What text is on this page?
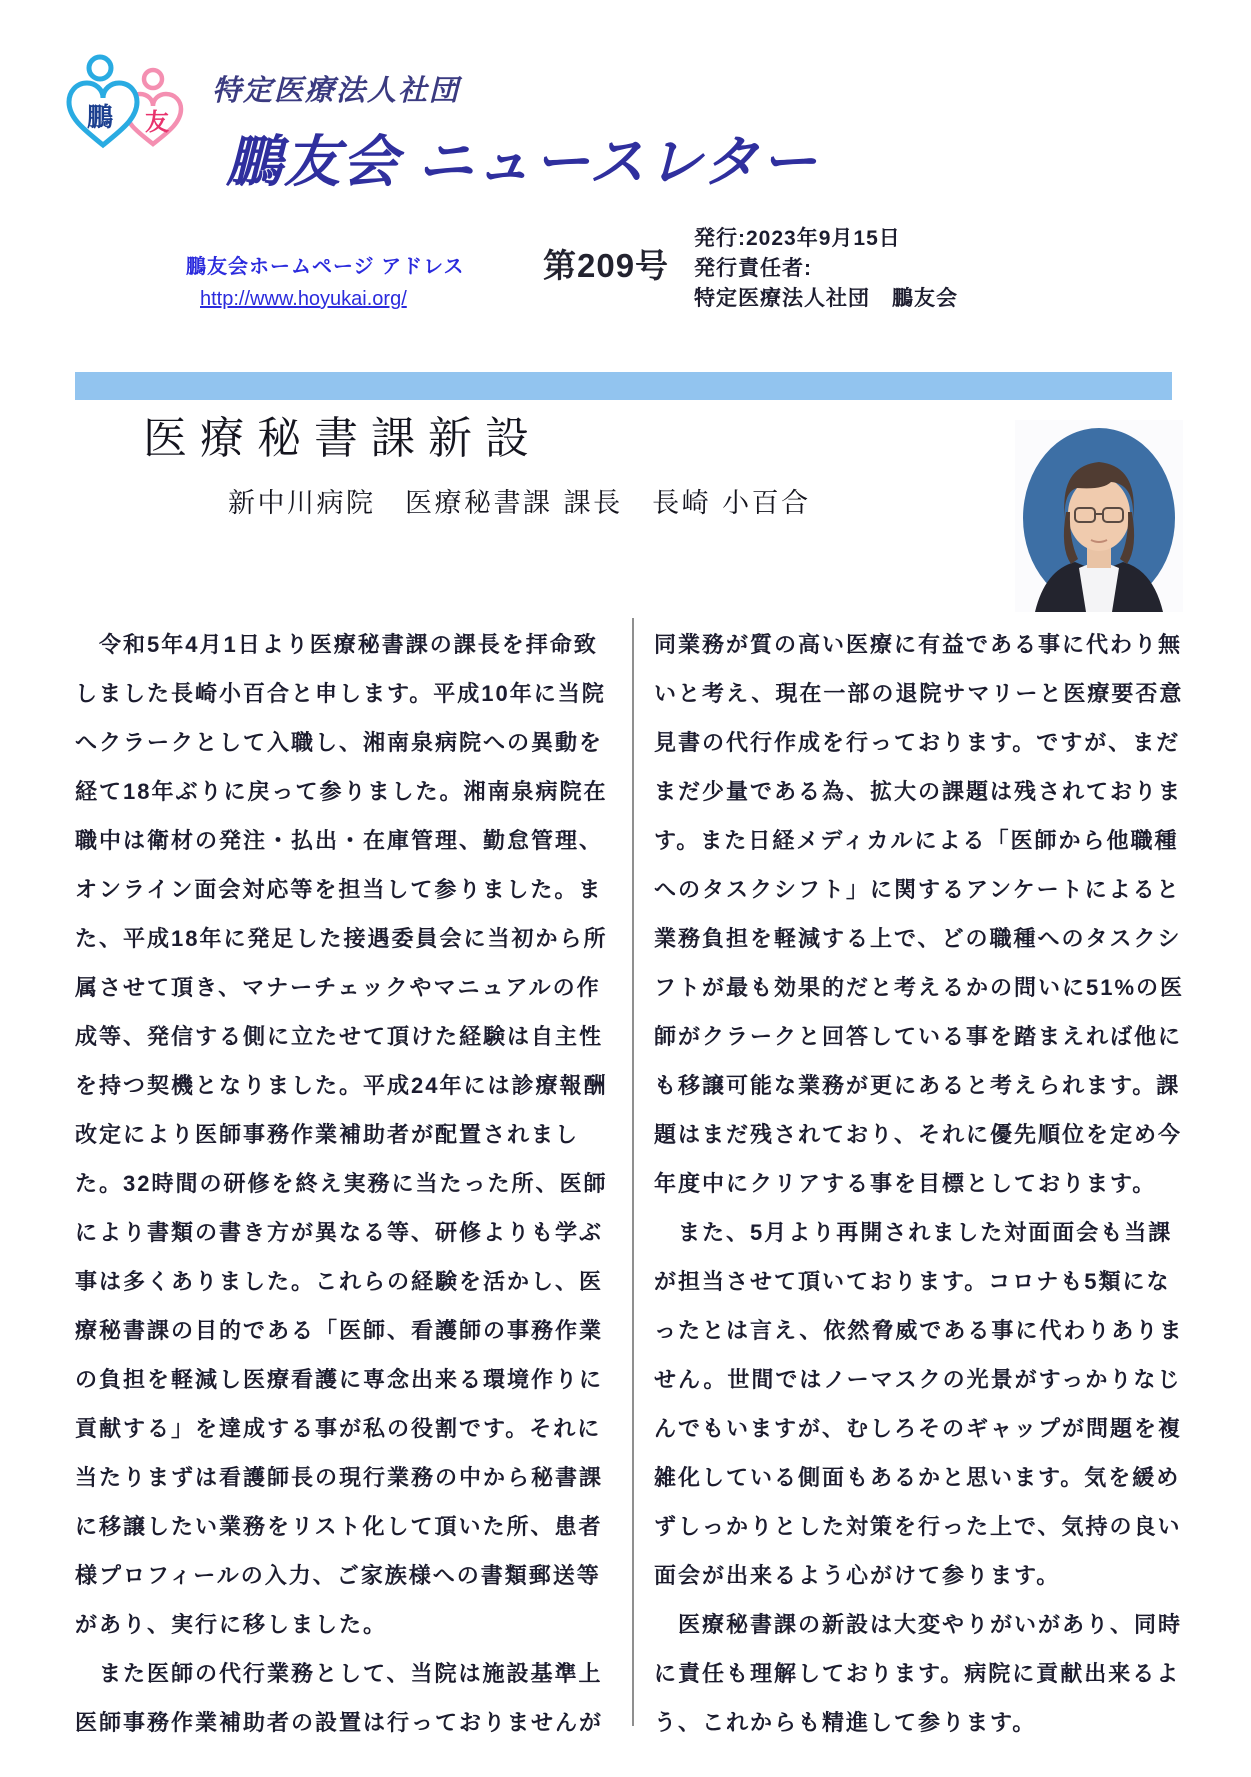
友
鵬
特定医療法人社団
鵬友会 ニュースレター
鵬友会ホームページ アドレス
http://www.hoyukai.org/
第209号
発行:2023年9月15日
発行責任者:
特定医療法人社団　鵬友会
医療秘書課新設
新中川病院　医療秘書課 課長　長崎 小百合
　令和5年4月1日より医療秘書課の課長を拝命致
しました長崎小百合と申します。平成10年に当院
へクラークとして入職し、湘南泉病院への異動を
経て18年ぶりに戻って参りました。湘南泉病院在
職中は衛材の発注・払出・在庫管理、勤怠管理、
オンライン面会対応等を担当して参りました。ま
た、平成18年に発足した接遇委員会に当初から所
属させて頂き、マナーチェックやマニュアルの作
成等、発信する側に立たせて頂けた経験は自主性
を持つ契機となりました。平成24年には診療報酬
改定により医師事務作業補助者が配置されまし
た。32時間の研修を終え実務に当たった所、医師
により書類の書き方が異なる等、研修よりも学ぶ
事は多くありました。これらの経験を活かし、医
療秘書課の目的である「医師、看護師の事務作業
の負担を軽減し医療看護に専念出来る環境作りに
貢献する」を達成する事が私の役割です。それに
当たりまずは看護師長の現行業務の中から秘書課
に移譲したい業務をリスト化して頂いた所、患者
様プロフィールの入力、ご家族様への書類郵送等
があり、実行に移しました。
　また医師の代行業務として、当院は施設基準上
医師事務作業補助者の設置は行っておりませんが
同業務が質の高い医療に有益である事に代わり無
いと考え、現在一部の退院サマリーと医療要否意
見書の代行作成を行っております。ですが、まだ
まだ少量である為、拡大の課題は残されておりま
す。また日経メディカルによる「医師から他職種
へのタスクシフト」に関するアンケートによると
業務負担を軽減する上で、どの職種へのタスクシ
フトが最も効果的だと考えるかの問いに51%の医
師がクラークと回答している事を踏まえれば他に
も移譲可能な業務が更にあると考えられます。課
題はまだ残されており、それに優先順位を定め今
年度中にクリアする事を目標としております。
　また、5月より再開されました対面面会も当課
が担当させて頂いております。コロナも5類にな
ったとは言え、依然脅威である事に代わりありま
せん。世間ではノーマスクの光景がすっかりなじ
んでもいますが、むしろそのギャップが問題を複
雑化している側面もあるかと思います。気を緩め
ずしっかりとした対策を行った上で、気持の良い
面会が出来るよう心がけて参ります。
　医療秘書課の新設は大変やりがいがあり、同時
に責任も理解しております。病院に貢献出来るよ
う、これからも精進して参ります。
